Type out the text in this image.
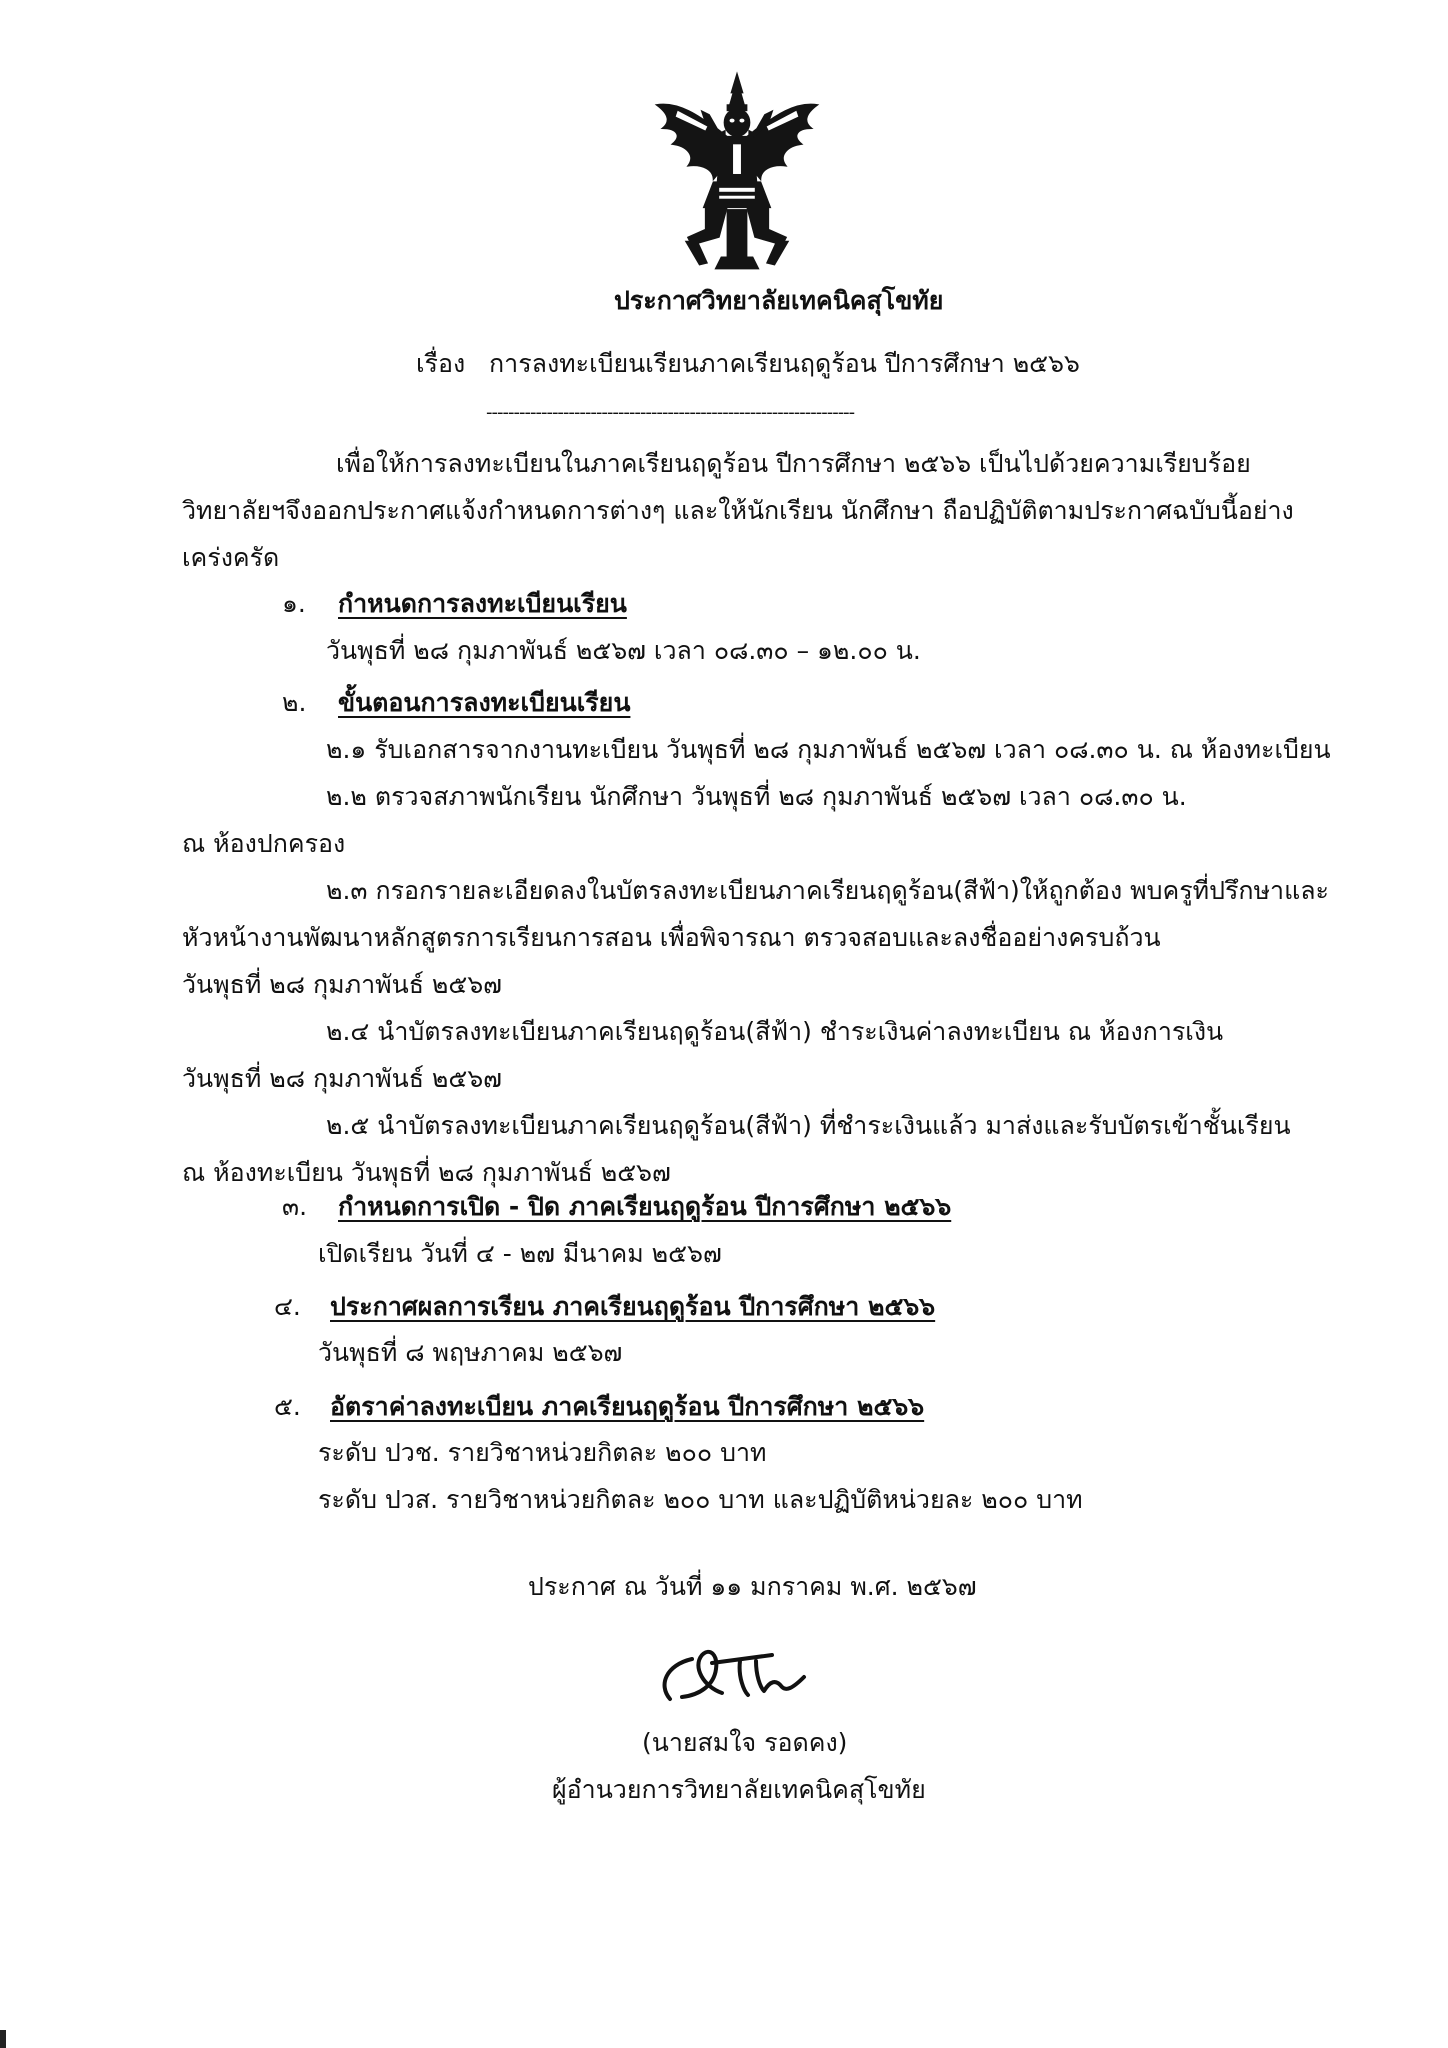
ประกาศวิทยาลัยเทคนิคสุโขทัย
เรื่อง การลงทะเบียนเรียนภาคเรียนฤดูร้อน ปีการศึกษา ๒๕๖๖
-------------------------------------------------------------------
เพื่อให้การลงทะเบียนในภาคเรียนฤดูร้อน ปีการศึกษา ๒๕๖๖ เป็นไปด้วยความเรียบร้อย
วิทยาลัยฯจึงออกประกาศแจ้งกำหนดการต่างๆ และให้นักเรียน นักศึกษา ถือปฏิบัติตามประกาศฉบับนี้อย่าง
เคร่งครัด
๑. กำหนดการลงทะเบียนเรียน
วันพุธที่ ๒๘ กุมภาพันธ์ ๒๕๖๗ เวลา ๐๘.๓๐ – ๑๒.๐๐ น.
๒. ขั้นตอนการลงทะเบียนเรียน
๒.๑ รับเอกสารจากงานทะเบียน วันพุธที่ ๒๘ กุมภาพันธ์ ๒๕๖๗ เวลา ๐๘.๓๐ น. ณ ห้องทะเบียน
๒.๒ ตรวจสภาพนักเรียน นักศึกษา วันพุธที่ ๒๘ กุมภาพันธ์ ๒๕๖๗ เวลา ๐๘.๓๐ น.
ณ ห้องปกครอง
๒.๓ กรอกรายละเอียดลงในบัตรลงทะเบียนภาคเรียนฤดูร้อน(สีฟ้า)ให้ถูกต้อง พบครูที่ปรึกษาและ
หัวหน้างานพัฒนาหลักสูตรการเรียนการสอน เพื่อพิจารณา ตรวจสอบและลงชื่ออย่างครบถ้วน
วันพุธที่ ๒๘ กุมภาพันธ์ ๒๕๖๗
๒.๔ นำบัตรลงทะเบียนภาคเรียนฤดูร้อน(สีฟ้า) ชำระเงินค่าลงทะเบียน ณ ห้องการเงิน
วันพุธที่ ๒๘ กุมภาพันธ์ ๒๕๖๗
๒.๕ นำบัตรลงทะเบียนภาคเรียนฤดูร้อน(สีฟ้า) ที่ชำระเงินแล้ว มาส่งและรับบัตรเข้าชั้นเรียน
ณ ห้องทะเบียน วันพุธที่ ๒๘ กุมภาพันธ์ ๒๕๖๗
๓. กำหนดการเปิด - ปิด ภาคเรียนฤดูร้อน ปีการศึกษา ๒๕๖๖
เปิดเรียน วันที่ ๔ - ๒๗ มีนาคม ๒๕๖๗
๔. ประกาศผลการเรียน ภาคเรียนฤดูร้อน ปีการศึกษา ๒๕๖๖
วันพุธที่ ๘ พฤษภาคม ๒๕๖๗
๕. อัตราค่าลงทะเบียน ภาคเรียนฤดูร้อน ปีการศึกษา ๒๕๖๖
ระดับ ปวช. รายวิชาหน่วยกิตละ ๒๐๐ บาท
ระดับ ปวส. รายวิชาหน่วยกิตละ ๒๐๐ บาท และปฏิบัติหน่วยละ ๒๐๐ บาท
ประกาศ ณ วันที่ ๑๑ มกราคม พ.ศ. ๒๕๖๗
(นายสมใจ รอดคง)
ผู้อำนวยการวิทยาลัยเทคนิคสุโขทัย
